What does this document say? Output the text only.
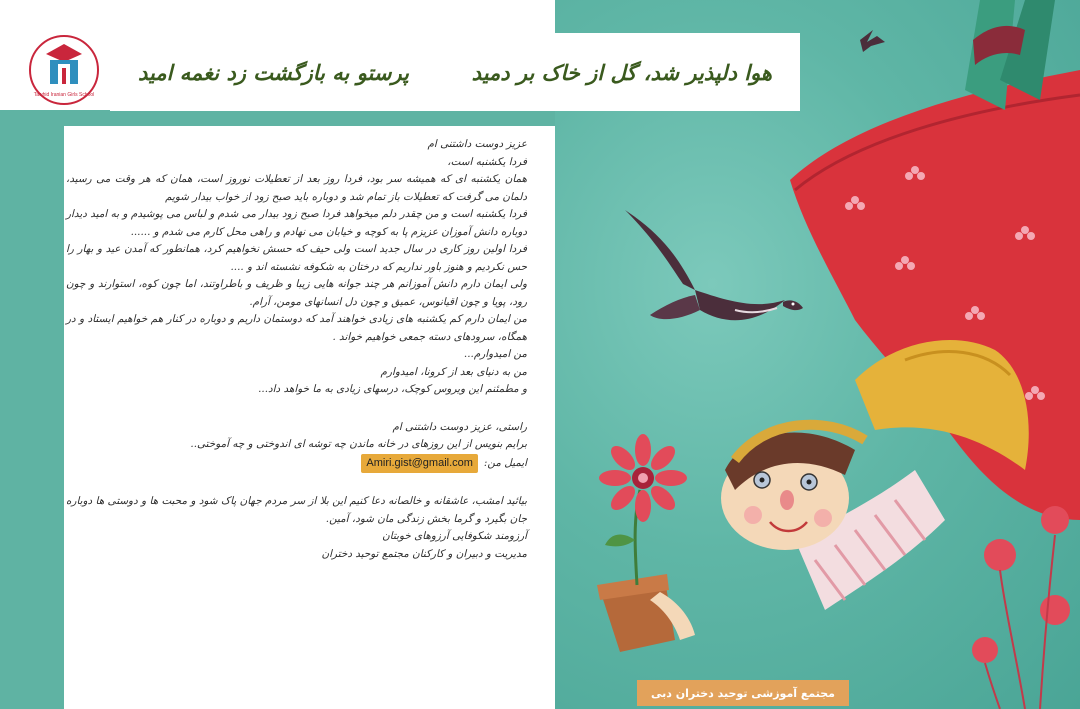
هوا دلپذیر شد، گل از خاک بر دمید
پرستو به بازگشت زد نغمه امید
Tawhid Iranian Girls School

عزیز دوست داشتنی ام

فردا یکشنبه است،

همان یکشنبه ای که همیشه سر بود، فردا روز بعد از تعطیلات نوروز است، همان که هر وقت می رسید، دلمان می گرفت که تعطیلات باز تمام شد و دوباره باید صبح زود از خواب بیدار شویم

فردا یکشنبه است و من چقدر دلم میخواهد فردا صبح زود بیدار می شدم و لباس می پوشیدم و به امید دیدار دوباره دانش آموزان عزیزم پا به کوچه و خیابان می نهادم و راهی محل کارم می شدم و ......

فردا اولین روز کاری در سال جدید است ولی حیف که حسش نخواهیم کرد، همانطور که آمدن عید و بهار را حس نکردیم و هنوز باور نداریم که درختان به شکوفه نشسته اند و ....

ولی ایمان دارم دانش آموزانم هر چند جوانه هایی زیبا و ظریف و باطراوتند، اما چون کوه، استوارند و چون رود، پویا و چون اقیانوس، عمیق و چون دل انسانهای مومن، آرام.

من ایمان دارم کم یکشنبه های زیادی خواهند آمد که دوستمان داریم و دوباره در کنار هم خواهیم ایستاد و در همگاه، سرودهای دسته جمعی خواهیم خواند .

من امیدوارم...

من به دنیای بعد از کرونا، امیدوارم

و مطمئنم این ویروس کوچک، درسهای زیادی به ما خواهد داد...

راستی، عزیز دوست داشتنی ام

برایم بنویس از این روزهای در خانه ماندن چه توشه ای اندوختی و چه آموختی..

ایمیل من:
Amiri.gist@gmail.com

بیائید امشب، عاشقانه و خالصانه دعا کنیم این بلا از سر مردم جهان پاک شود و محبت ها و دوستی ها دوباره جان بگیرد و گرما بخش زندگی مان شود، آمین.

آرزومند شکوفایی آرزوهای خوبتان

مدیریت و دبیران و کارکنان مجتمع توحید دختران

مجتمع آموزشی توحید دختران دبی
